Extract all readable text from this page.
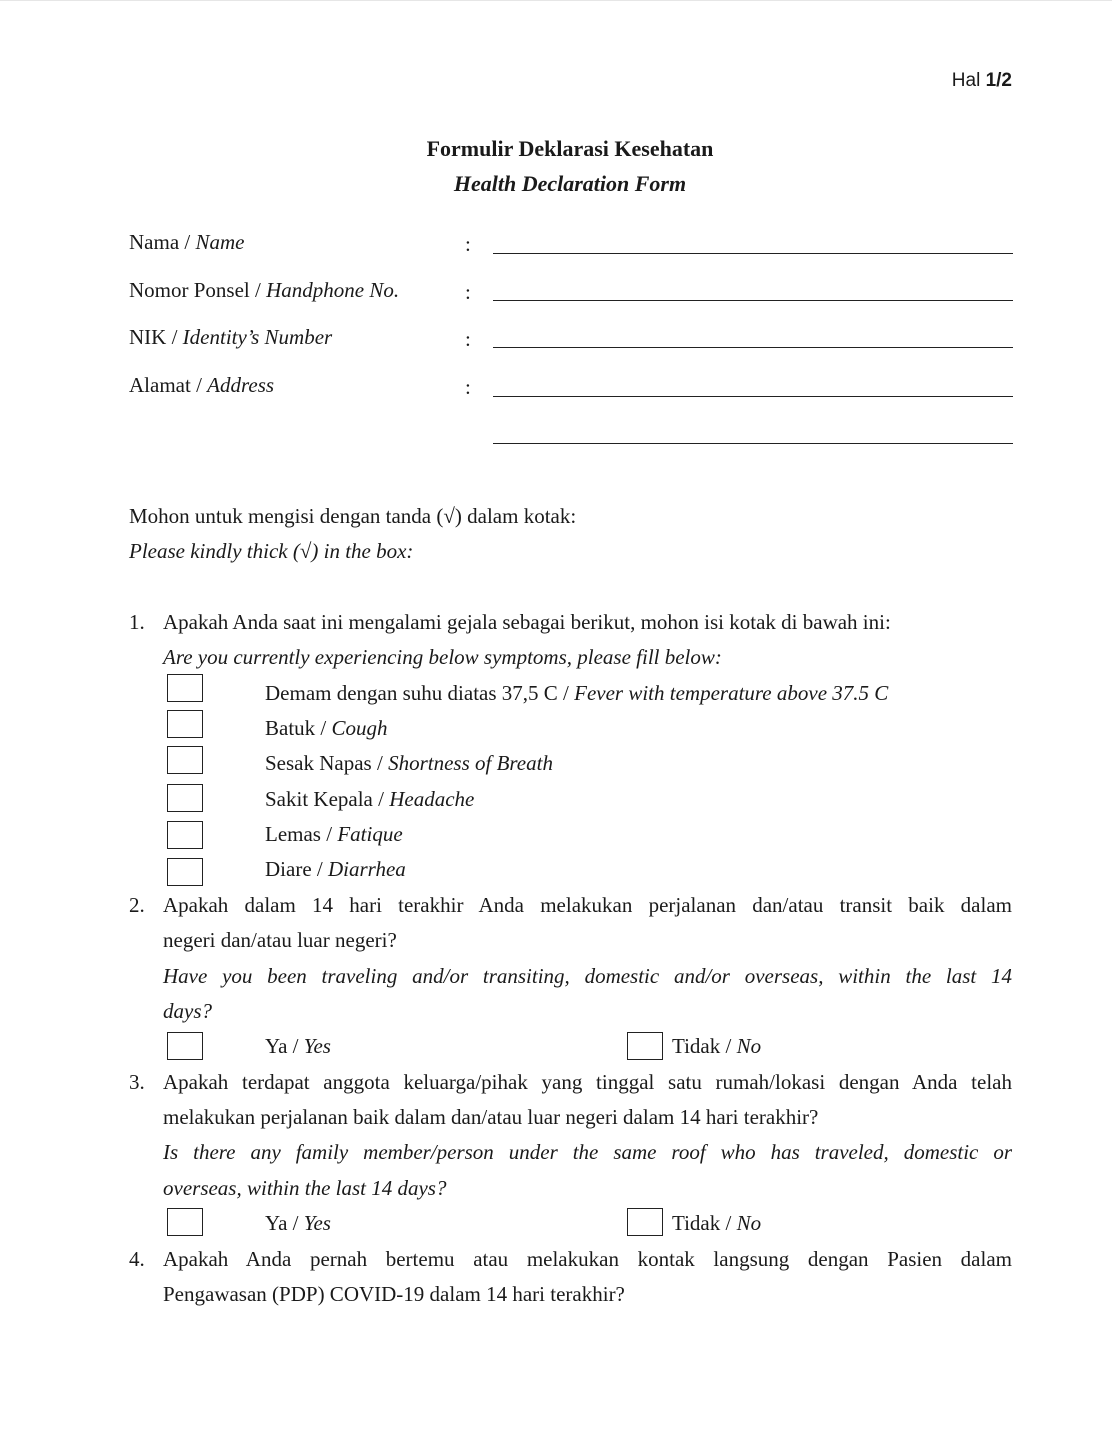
Hal 1/2
Formulir Deklarasi Kesehatan
Health Declaration Form
Nama / Name	:
Nomor Ponsel / Handphone No.	:
NIK / Identity’s Number	:
Alamat / Address	:
Mohon untuk mengisi dengan tanda (√) dalam kotak:
Please kindly thick (√) in the box:
1. Apakah Anda saat ini mengalami gejala sebagai berikut, mohon isi kotak di bawah ini:
Are you currently experiencing below symptoms, please fill below:
Demam dengan suhu diatas 37,5 C / Fever with temperature above 37.5 C
Batuk / Cough
Sesak Napas / Shortness of Breath
Sakit Kepala / Headache
Lemas / Fatique
Diare / Diarrhea
2. Apakah dalam 14 hari terakhir Anda melakukan perjalanan dan/atau transit baik dalam
negeri dan/atau luar negeri?
Have you been traveling and/or transiting, domestic and/or overseas, within the last 14
days?
Ya / Yes	Tidak / No
3. Apakah terdapat anggota keluarga/pihak yang tinggal satu rumah/lokasi dengan Anda telah
melakukan perjalanan baik dalam dan/atau luar negeri dalam 14 hari terakhir?
Is there any family member/person under the same roof who has traveled, domestic or
overseas, within the last 14 days?
Ya / Yes	Tidak / No
4. Apakah Anda pernah bertemu atau melakukan kontak langsung dengan Pasien dalam
Pengawasan (PDP) COVID-19 dalam 14 hari terakhir?
